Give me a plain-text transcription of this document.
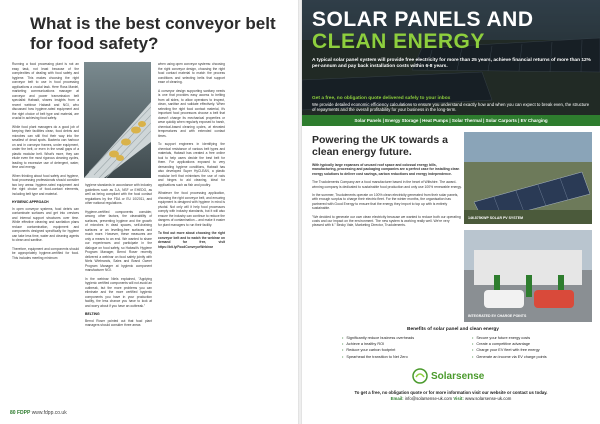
What is the best conveyor belt for food safety?

Running a food processing plant is not an easy task, not least because of the complexities of dealing with food safety and hygiene. This makes choosing the right conveyor belt to use in food processing applications a crucial task. Here Ross Maniel, marketing communications manager at conveyor and power transmission belt specialist Habasit, shares insights from a recent webinar Habasit and NGI, who discussed how hygiene-rated equipment and the right choice of belt type and material, are crucial in achieving food safety.

While food plant managers do a good job of keeping their facilities clean, food debris and microbes can still find their way into the smallest of dead spots. Bacteria can harbour on and in conveyor frames, under equipment, under the belt, or even in the small gaps of a plastic modular belt. What's more, they can elude even the most rigorous cleaning cycles, leading to excessive use of detergent, water, time and energy.

When thinking about food safety and hygiene, food processing professionals should consider two key areas: hygiene-rated equipment and the right choice of food-contact elements, including belt type and material.

HYGIENIC APPROACH

In open conveyor systems, food debris can contaminate surfaces and get into crevices and internal support structures over time. While effective cleaning and sanitation plans reduce contamination, equipment and components designed specifically for hygiene can take less time, water and cleaning agents to clean and sanitise.

Therefore, equipment and components should be appropriately hygiene-certified for food. This includes meeting minimum

hygiene standards in accordance with industry guidelines such as 3-A, NSF or EHEDG, as well as being compliant with the food contact regulations by the FDA or EU 10/2011, and other national regulations.

Hygiene-certified components consider, among other factors, the cleanability of surfaces, preventing hygiene and the growth of microbes in dead spaces, self-draining surfaces or an levelling-free surfaces and much more. However, these measures are only a means to an end. We wanted to share our experiences and participate in the dialogue on food safety, so Habasit's Hygiene Program Manager, Bernd Roser recently delivered a webinar on food safety jointly with Niels Wiebrands, Sales and Brand Owner Program Manager at hygienic component manufacturer NGI.

In the webinar Niels explained, "Applying hygienic certified components will not avoid an outbreak, but the more problems you can eliminate and the more certified hygienic components you have in your production facility, the less chance you have to look at and worry about if you have an outbreak."

BELTING

Bernd Roser pointed out that food plant managers should consider three areas

when using open conveyor systems: choosing the right conveyor design, choosing the right food contact material to match the process conditions and selecting belts that support ease of cleaning.

A conveyor design supporting sanitary needs is one that provides easy access to belting from all sides, to allow operators to inspect, clean, sanitise and validate effectively. When selecting the right food contact material, it's important food processors choose a belt that doesn't change its mechanical properties or wear quickly when regularly exposed to harsh, chemical-based cleaning cycles, at elevated temperatures and with extended contact times.

To support engineers in identifying the chemical resistance of various belt types and materials, Habasit has created a free online tool to help users decide the best belt for them. For applications exposed to very demanding hygiene conditions, Habasit has also developed Super HyCLEAN, a plastic modular belt that minimises the use of rods and hinges to aid cleaning, ideal for applications such as fish and poultry.

Whatever the food processing application, choosing the right conveyor belt, and ensuring equipment is designed with hygiene in mind is pivotal. Not only will it help food processors comply with industry standards, but it will also ensure the industry can continue to reduce the dangers of contamination – and make it easier for plant managers to run their facility.

To find out more about choosing the right conveyor belt and to watch the webinar on demand for free, visit https://bit.ly/FoodConveyorWebinar

80 FDPP www.fdpp.co.uk
SOLAR PANELS AND
CLEAN ENERGY
A typical solar panel system will provide free electricity for more than 25 years, achieve financial returns of more than 12% per-annum and pay back installation costs within 6-8 years.
Get a free, no obligation quote delivered safely to your inbox
We provide detailed economic efficiency calculations to ensure you understand exactly how and when you can expect to break even, the structure of repayments and the overall profitability for your business in the long-term.
Solar Panels | Energy Storage | Heat Pumps | Solar Thermal | Solar Carports | EV Charging
Powering the UK towards a clean energy future.

With typically large expanses of unused roof space and colossal energy bills, manufacturing, processing and packaging companies are a perfect case for installing clean energy solutions to deliver cost savings, carbon reductions and energy independence.

The Truckdenents Company are a food manufacturer based in the heart of Wiltshire. The award-winning company is dedicated to sustainable food production and only use 100% renewable energy.

In the summer, Truckdenents operate on 100% clean electricity generated from their solar panels, with enough surplus to charge their electric fleet. For the winter months, the organisation has partnered with Good Energy to ensure that the energy they import to top up with is entirely sustainable.

"We decided to generate our own clean electricity because we wanted to reduce both our operating costs and our impact on the environment. The new system is working really well. We're very pleased with it." Becky Vale, Marketing Director, Truckdenents.

146.875KWP SOLAR PV SYSTEM
INTEGRATED EV CHARGE POINTS
Benefits of solar panel and clean energy
• Significantly reduce business overheads
• Achieve a healthy ROI
• Reduce your carbon footprint
• Spearhead the transition to Net Zero
• Secure your future energy costs
• Create a competitive advantage
• Charge your EV fleet with free energy
• Generate an income via EV charge points
Solarsense
To get a free, no obligation quote or for more information visit our website or contact us today.
Email: info@solarsense-uk.com Visit: www.solarsense-uk.com
